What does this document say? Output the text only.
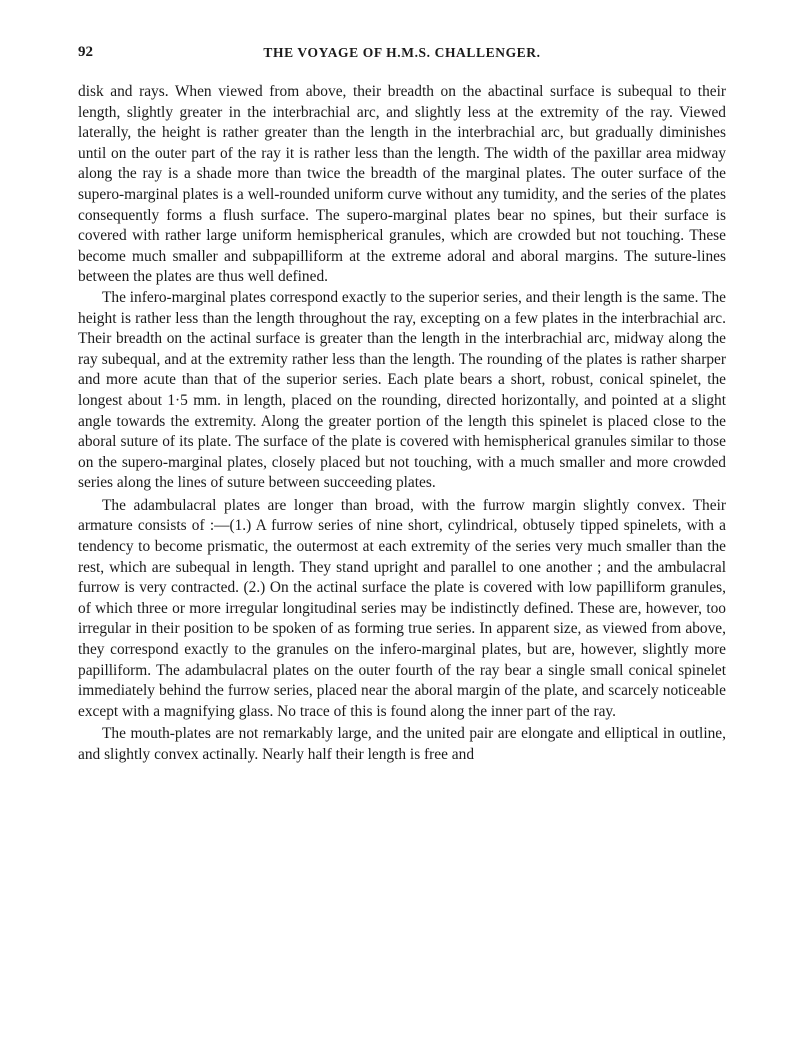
92	THE VOYAGE OF H.M.S. CHALLENGER.

disk and rays. When viewed from above, their breadth on the abactinal surface is subequal to their length, slightly greater in the interbrachial arc, and slightly less at the extremity of the ray. Viewed laterally, the height is rather greater than the length in the interbrachial arc, but gradually diminishes until on the outer part of the ray it is rather less than the length. The width of the paxillar area midway along the ray is a shade more than twice the breadth of the marginal plates. The outer surface of the supero-marginal plates is a well-rounded uniform curve without any tumidity, and the series of the plates consequently forms a flush surface. The supero-marginal plates bear no spines, but their surface is covered with rather large uniform hemispherical granules, which are crowded but not touching. These become much smaller and subpapilliform at the extreme adoral and aboral margins. The suture-lines between the plates are thus well defined.

The infero-marginal plates correspond exactly to the superior series, and their length is the same. The height is rather less than the length throughout the ray, excepting on a few plates in the interbrachial arc. Their breadth on the actinal surface is greater than the length in the interbrachial arc, midway along the ray subequal, and at the extremity rather less than the length. The rounding of the plates is rather sharper and more acute than that of the superior series. Each plate bears a short, robust, conical spinelet, the longest about 1·5 mm. in length, placed on the rounding, directed horizontally, and pointed at a slight angle towards the extremity. Along the greater portion of the length this spinelet is placed close to the aboral suture of its plate. The surface of the plate is covered with hemispherical granules similar to those on the supero-marginal plates, closely placed but not touching, with a much smaller and more crowded series along the lines of suture between succeeding plates.

The adambulacral plates are longer than broad, with the furrow margin slightly convex. Their armature consists of :—(1.) A furrow series of nine short, cylindrical, obtusely tipped spinelets, with a tendency to become prismatic, the outermost at each extremity of the series very much smaller than the rest, which are subequal in length. They stand upright and parallel to one another ; and the ambulacral furrow is very contracted. (2.) On the actinal surface the plate is covered with low papilliform granules, of which three or more irregular longitudinal series may be indistinctly defined. These are, however, too irregular in their position to be spoken of as forming true series. In apparent size, as viewed from above, they correspond exactly to the granules on the infero-marginal plates, but are, however, slightly more papilliform. The adambulacral plates on the outer fourth of the ray bear a single small conical spinelet immediately behind the furrow series, placed near the aboral margin of the plate, and scarcely noticeable except with a magnifying glass. No trace of this is found along the inner part of the ray.

The mouth-plates are not remarkably large, and the united pair are elongate and elliptical in outline, and slightly convex actinally. Nearly half their length is free and
